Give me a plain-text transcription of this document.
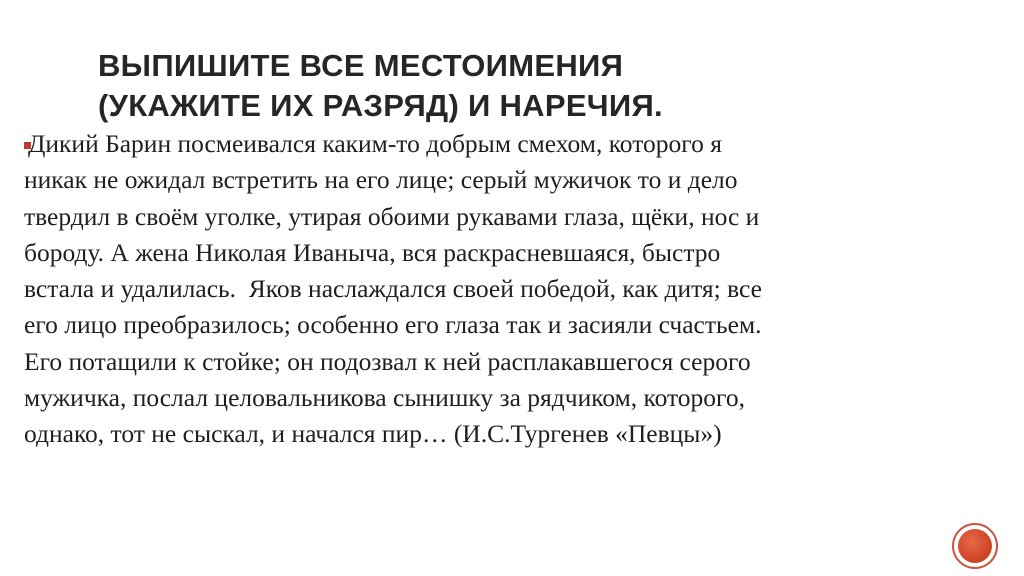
ВЫПИШИТЕ ВСЕ МЕСТОИМЕНИЯ
(УКАЖИТЕ ИХ РАЗРЯД) И НАРЕЧИЯ.
Дикий Барин посмеивался каким-то добрым смехом, которого я
никак не ожидал встретить на его лице; серый мужичок то и дело
твердил в своём уголке, утирая обоими рукавами глаза, щёки, нос и
бороду. А жена Николая Иваныча, вся раскрасневшаяся, быстро
встала и удалилась.  Яков наслаждался своей победой, как дитя; все
его лицо преобразилось; особенно его глаза так и засияли счастьем.
Его потащили к стойке; он подозвал к ней расплакавшегося серого
мужичка, послал целовальникова сынишку за рядчиком, которого,
однако, тот не сыскал, и начался пир… (И.С.Тургенев «Певцы»)
